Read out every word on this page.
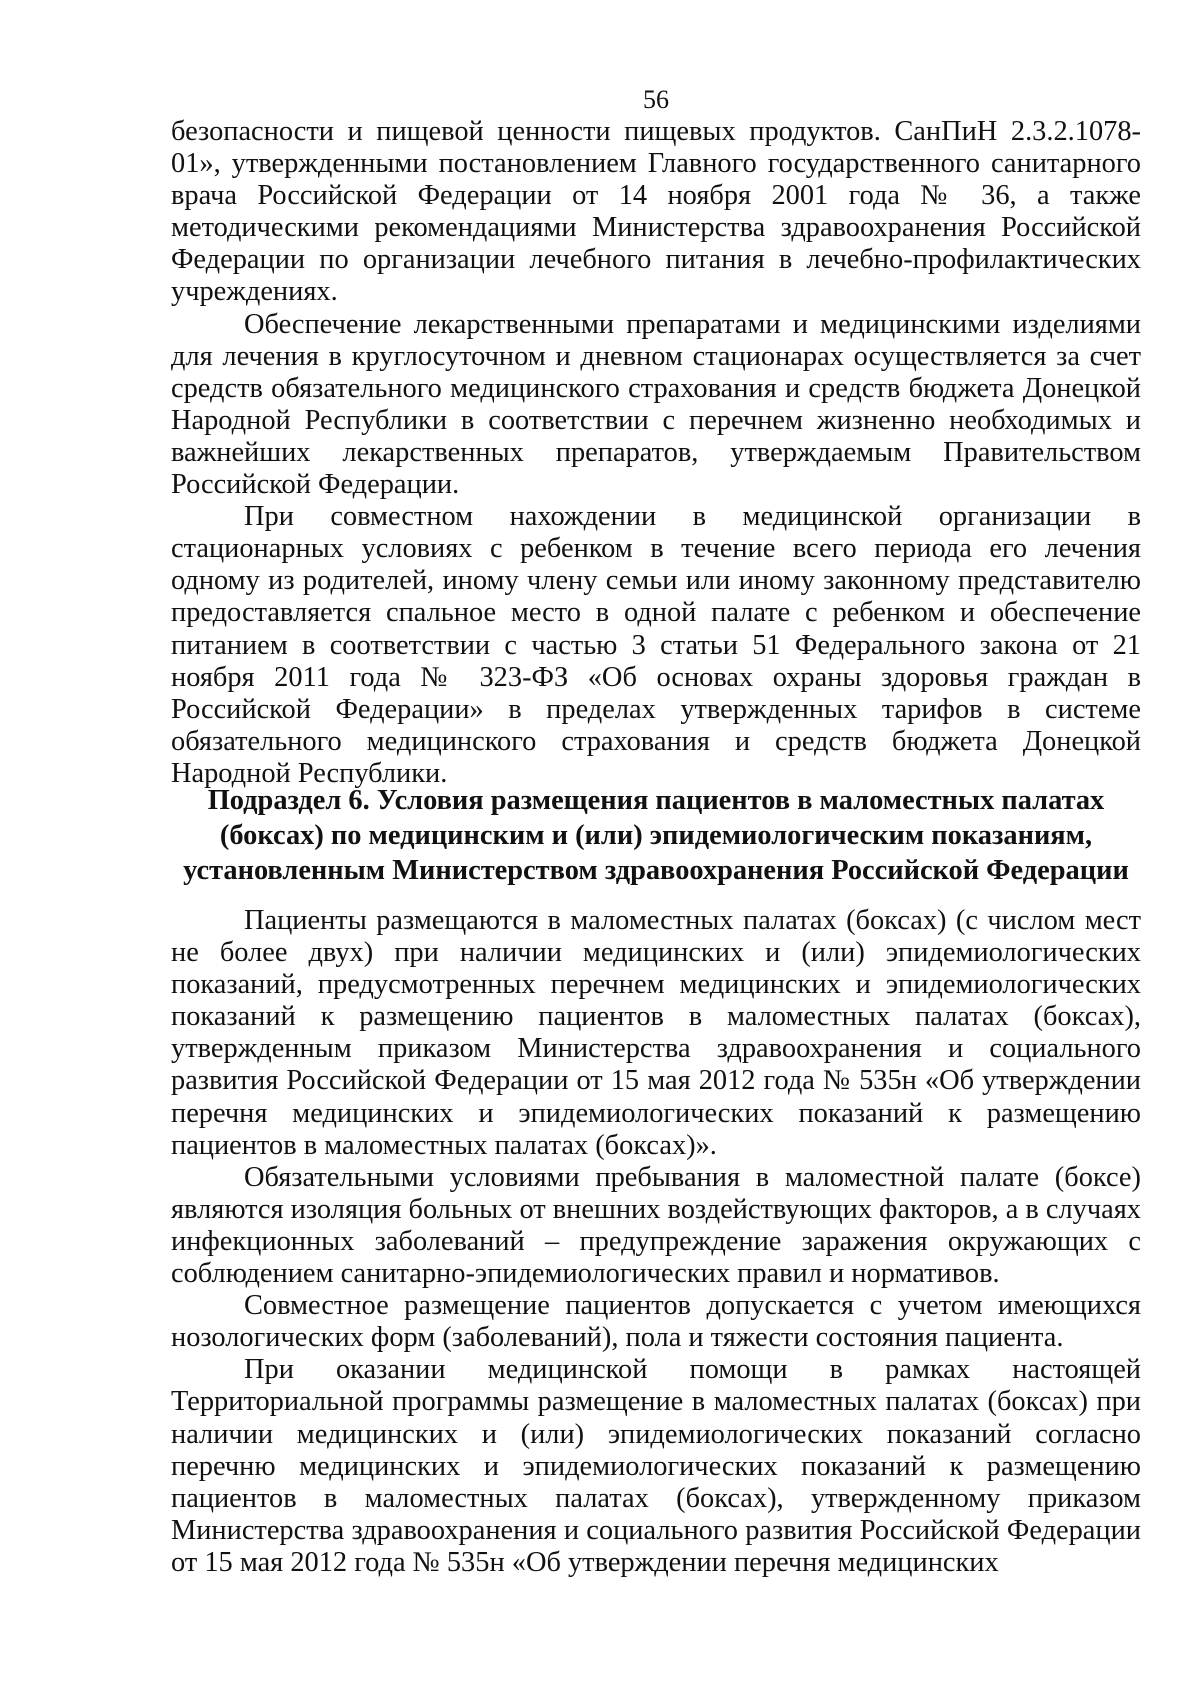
56

безопасности и пищевой ценности пищевых продуктов. СанПиН 2.3.2.1078-01», утвержденными постановлением Главного государственного санитарного врача Российской Федерации от 14 ноября 2001 года № 36, а также методическими рекомендациями Министерства здравоохранения Российской Федерации по организации лечебного питания в лечебно-профилактических учреждениях.

Обеспечение лекарственными препаратами и медицинскими изделиями для лечения в круглосуточном и дневном стационарах осуществляется за счет средств обязательного медицинского страхования и средств бюджета Донецкой Народной Республики в соответствии с перечнем жизненно необходимых и важнейших лекарственных препаратов, утверждаемым Правительством Российской Федерации.

При совместном нахождении в медицинской организации в стационарных условиях с ребенком в течение всего периода его лечения одному из родителей, иному члену семьи или иному законному представителю предоставляется спальное место в одной палате с ребенком и обеспечение питанием в соответствии с частью 3 статьи 51 Федерального закона от 21 ноября 2011 года № 323-ФЗ «Об основах охраны здоровья граждан в Российской Федерации» в пределах утвержденных тарифов в системе обязательного медицинского страхования и средств бюджета Донецкой Народной Республики.

Подраздел 6. Условия размещения пациентов в маломестных палатах

(боксах) по медицинским и (или) эпидемиологическим показаниям,

установленным Министерством здравоохранения Российской Федерации

Пациенты размещаются в маломестных палатах (боксах) (с числом мест не более двух) при наличии медицинских и (или) эпидемиологических показаний, предусмотренных перечнем медицинских и эпидемиологических показаний к размещению пациентов в маломестных палатах (боксах), утвержденным приказом Министерства здравоохранения и социального развития Российской Федерации от 15 мая 2012 года № 535н «Об утверждении перечня медицинских и эпидемиологических показаний к размещению пациентов в маломестных палатах (боксах)».

Обязательными условиями пребывания в маломестной палате (боксе) являются изоляция больных от внешних воздействующих факторов, а в случаях инфекционных заболеваний – предупреждение заражения окружающих с соблюдением санитарно-эпидемиологических правил и нормативов.

Совместное размещение пациентов допускается с учетом имеющихся нозологических форм (заболеваний), пола и тяжести состояния пациента.

При оказании медицинской помощи в рамках настоящей Территориальной программы размещение в маломестных палатах (боксах) при наличии медицинских и (или) эпидемиологических показаний согласно перечню медицинских и эпидемиологических показаний к размещению пациентов в маломестных палатах (боксах), утвержденному приказом Министерства здравоохранения и социального развития Российской Федерации от 15 мая 2012 года № 535н «Об утверждении перечня медицинских
